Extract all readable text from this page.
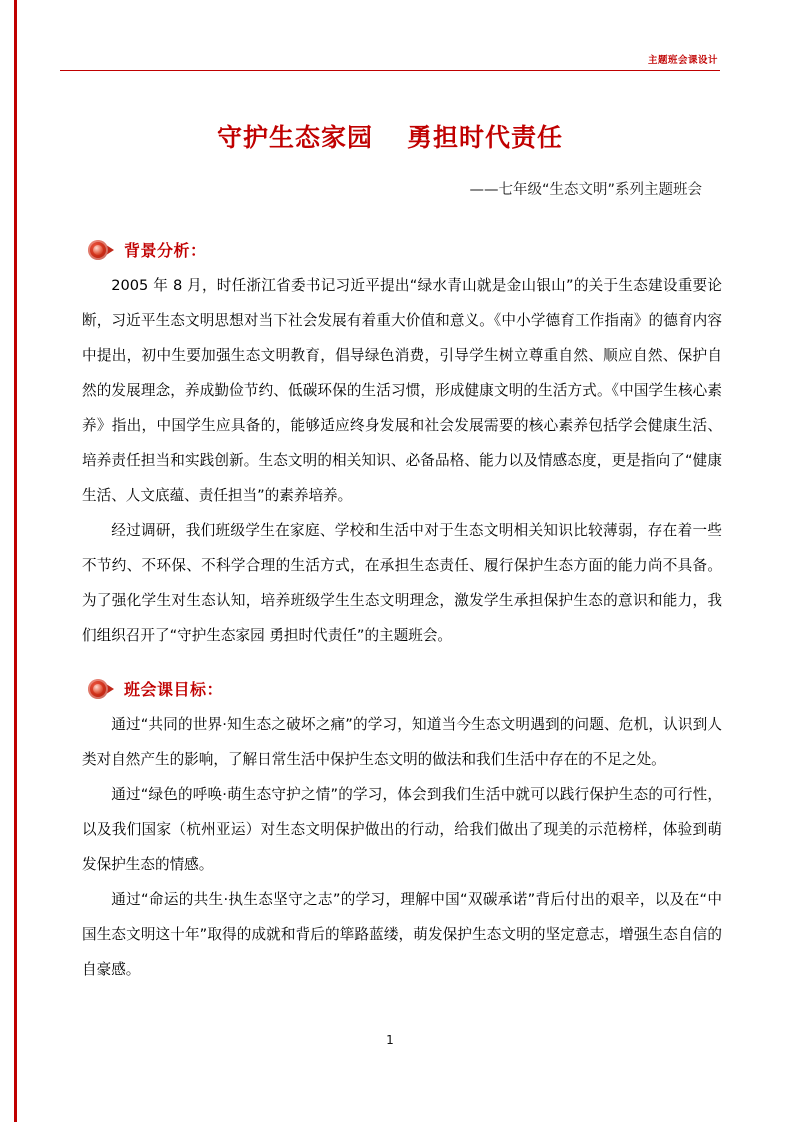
主题班会课设计
守护生态家园 勇担时代责任
——七年级“生态文明”系列主题班会
背景分析：

2005 年 8 月，时任浙江省委书记习近平提出“绿水青山就是金山银山”的关于生态建设重要论断，习近平生态文明思想对当下社会发展有着重大价值和意义。《中小学德育工作指南》的德育内容中提出，初中生要加强生态文明教育，倡导绿色消费，引导学生树立尊重自然、顺应自然、保护自然的发展理念，养成勤俭节约、低碳环保的生活习惯，形成健康文明的生活方式。《中国学生核心素养》指出，中国学生应具备的，能够适应终身发展和社会发展需要的核心素养包括学会健康生活、培养责任担当和实践创新。生态文明的相关知识、必备品格、能力以及情感态度，更是指向了“健康生活、人文底蕴、责任担当”的素养培养。

经过调研，我们班级学生在家庭、学校和生活中对于生态文明相关知识比较薄弱，存在着一些不节约、不环保、不科学合理的生活方式，在承担生态责任、履行保护生态方面的能力尚不具备。为了强化学生对生态认知，培养班级学生生态文明理念，激发学生承担保护生态的意识和能力，我们组织召开了“守护生态家园 勇担时代责任”的主题班会。

班会课目标：

通过“共同的世界·知生态之破坏之痛”的学习，知道当今生态文明遇到的问题、危机，认识到人类对自然产生的影响，了解日常生活中保护生态文明的做法和我们生活中存在的不足之处。

通过“绿色的呼唤·萌生态守护之情”的学习，体会到我们生活中就可以践行保护生态的可行性，以及我们国家（杭州亚运）对生态文明保护做出的行动，给我们做出了现美的示范榜样，体验到萌发保护生态的情感。

通过“命运的共生·执生态坚守之志”的学习，理解中国“双碳承诺”背后付出的艰辛，以及在“中国生态文明这十年”取得的成就和背后的筚路蓝缕，萌发保护生态文明的坚定意志，增强生态自信的自豪感。

1
